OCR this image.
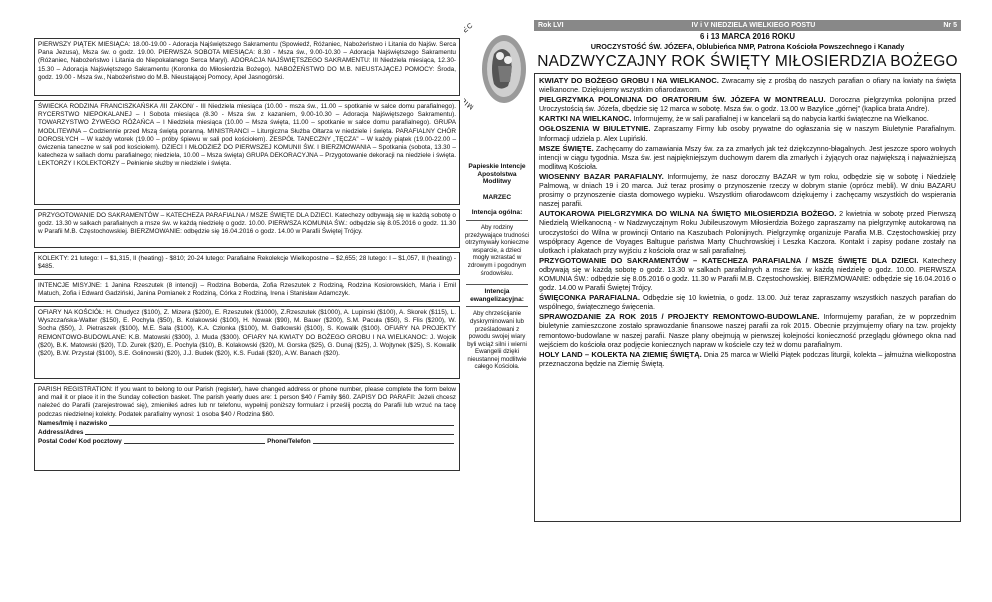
PIERWSZY PIĄTEK MIESIĄCA: 18.00-19.00 - Adoracja Najświętszego Sakramentu (Spowiedź, Różaniec, Nabożeństwo i Litania do Najśw. Serca Pana Jezusa), Msza św. o godz. 19.00. PIERWSZA SOBOTA MIESIĄCA: 8.30 - Msza św., 9.00-10.30 – Adoracja Najświętszego Sakramentu (Różaniec, Nabożeństwo i Litania do Niepokalanego Serca Maryi). ADORACJA NAJŚWIĘTSZEGO SAKRAMENTU: III Niedziela miesiąca, 12.30-15.30 – Adoracja Najświętszego Sakramentu (Koronka do Miłosierdzia Bożego). NABOŻEŃSTWO DO M.B. NIEUSTAJĄCEJ POMOCY: Środa, godz. 19.00 - Msza św., Nabożeństwo do M.B. Nieustającej Pomocy, Apel Jasnogórski.
ŚWIECKA RODZINA FRANCISZKAŃSKA /III ZAKON/ - III Niedziela miesiąca (10.00 - msza św., 11.00 – spotkanie w salce domu parafialnego). RYCERSTWO NIEPOKALANEJ – I Sobota miesiąca (8.30 - Msza św. z kazaniem, 9.00-10.30 – Adoracja Najświętszego Sakramentu). TOWARZYSTWO ŻYWEGO RÓŻAŃCA – I Niedziela miesiąca (10.00 – Msza święta, 11.00 – spotkanie w salce domu parafialnego). GRUPA MODLITEWNA – Codziennie przed Mszą świętą poranną. MINISTRANCI – Liturgiczna Służba Ołtarza w niedziele i święta. PARAFIALNY CHÓR DOROSŁYCH – W każdy wtorek (19.00 – próby śpiewu w sali pod kościołem). ZESPÓŁ TANECZNY „TĘCZA” – W każdy piątek (19.00-22.00 – ćwiczenia taneczne w sali pod kościołem). DZIECI I MŁODZIEŻ DO PIERWSZEJ KOMUNII ŚW. I BIERZMOWANIA – Spotkania (sobota, 13.30 – katecheza w sallach domu parafialnego; niedziela, 10.00 – Msza święta) GRUPA DEKORACYJNA – Przygotowanie dekoracji na niedziele i święta. LEKTORZY I KOLEKTORZY – Pełnienie służby w niedziele i święta.
PRZYGOTOWANIE DO SAKRAMENTÓW – KATECHEZA PARAFIALNA / MSZE ŚWIĘTE DLA DZIECI. Katechezy odbywają się w każdą sobotę o godz. 13.30 w salkach parafialnych a msze św. w każdą niedzielę o godz. 10.00. PIERWSZA KOMUNIA ŚW.: odbędzie się 8.05.2016 o godz. 11.30 w Parafii M.B. Częstochowskiej. BIERZMOWANIE: odbędzie się 16.04.2016 o godz. 14.00 w Parafii Świętej Trójcy.
KOLEKTY: 21 lutego: I – $1,315, II (heating) - $810; 20-24 lutego: Parafialne Rekolekcje Wielkopostne – $2,655; 28 lutego: I – $1,057, II (heating) - $485.
INTENCJE MISYJNE: 1 Janina Rzeszutek (8 intencji) – Rodzina Boberda, Zofia Rzeszutek z Rodziną, Rodzina Kosiorowskich, Maria i Emil Matuch, Zofia i Edward Gadziński, Janina Pomianek z Rodziną, Córka z Rodziną, Irena i Stanisław Adamczyk.
OFIARY NA KOŚCIÓŁ: H. Chudycz ($100), Z. Mizera ($200), E. Rzeszutek ($1000), Z.Rzeszutek ($1000), A. Lupinski ($100), A. Skorek ($115), L. Wyszczańska-Walter ($150), E. Pochyla ($50), B. Kolakowski ($100), H. Nowak ($90), M. Bauer ($200), S.M. Pacuła ($50), S. Flis ($200), W. Socha ($50), J. Pietraszek ($100), M.E. Sala ($100), K.A. Członka ($100), M. Gatkowski ($100), S. Kowalik ($100). OFIARY NA PROJEKTY REMONTOWO-BUDOWLANE: K.B. Matowski ($300), J. Muda ($300). OFIARY NA KWIATY DO BOŻEGO GROBU I NA WIELKANOC: J. Wojcik ($20), B.K. Matowski ($20), T.D. Zurek ($20), E. Pochyla ($10), B. Kolakowski ($20), M. Gorska ($25), G. Dunaj ($25), J. Wojtynek ($25), S. Kowalik ($20), B.W. Przystał ($100), S.E. Golinowski ($20), J.J. Budek ($20), K.S. Fudali ($20), A.W. Banach ($20).
PARISH REGISTRATION: If you want to belong to our Parish (register), have changed address or phone number, please complete the form below and mail it or place it in the Sunday collection basket. The parish yearly dues are: 1 person $40 / Family $60. ZAPISY DO PARAFII: Jeżeli chcesz należeć do Parafii (zarejestrować się), zmieniłeś adres lub nr telefonu, wypełnij poniższy formularz i prześlij pocztą do Parafii lub wrzuć na tacę podczas niedzielnej kolekty. Podatek parafialny wynosi: 1 osoba $40 / Rodzina $60.
Names/Imię i nazwisko
Address/Adres
Postal Code/ Kod pocztowy	Phone/Telefon
MI C
Papieskie Intencje Apostolstwa Modlitwy
MARZEC
Intencja ogólna:
Aby rodziny przeżywające trudności otrzymywały konieczne wsparcie, a dzieci mogły wzrastać w zdrowym i pogodnym środowisku.
Intencja ewangelizacyjna:
Aby chrześcijanie dyskryminowani lub prześladowani z powodu swojej wiary byli wciąż silni i wierni Ewangelii dzięki nieustannej modlitwie całego Kościoła.
Rok LVI	IV i V NIEDZIELA WIELKIEGO POSTU	Nr 5
6 i 13 MARCA 2016 ROKU
UROCZYSTOŚĆ ŚW. JÓZEFA, Oblubieńca NMP, Patrona Kościoła Powszechnego i Kanady
NADZWYCZAJNY ROK ŚWIĘTY MIŁOSIERDZIA BOŻEGO

KWIATY DO BOŻEGO GROBU I NA WIELKANOC. Zwracamy się z prośbą do naszych parafian o ofiary na kwiaty na święta wielkanocne. Dziękujemy wszystkim ofiarodawcom.

PIELGRZYMKA POLONIJNA DO ORATORIUM ŚW. JÓZEFA W MONTREALU. Doroczna pielgrzymka polonijna przed Uroczystością św. Józefa, dbędzie się 12 marca w sobotę. Msza św. o godz. 13.00 w Bazylice „górnej” (kaplica brata Andre).

KARTKI NA WIELKANOC. Informujemy, że w sali parafialnej i w kancelarii są do nabycia kartki świąteczne na Wielkanoc.

OGŁOSZENIA W BIULETYNIE. Zapraszamy Firmy lub osoby prywatne do ogłaszania się w naszym Biuletynie Parafialnym. Informacji udziela p. Alex Lupiński.

MSZE ŚWIĘTE. Zachęcamy do zamawiania Mszy św. za za zmarłych jak też dziękczynno-błagalnych. Jest jeszcze sporo wolnych intencji w ciągu tygodnia. Msza św. jest najpiękniejszym duchowym darem dla zmarłych i żyjących oraz największą i najważniejszą modlitwą Kościoła.

WIOSENNY BAZAR PARAFIALNY. Informujemy, że nasz doroczny BAZAR w tym roku, odbędzie się w sobotę i Niedzielę Palmową, w dniach 19 i 20 marca. Już teraz prosimy o przynoszenie rzeczy w dobrym stanie (oprócz mebli). W dniu BAZARU prosimy o przynoszenie ciasta domowego wypieku. Wszystkim ofiarodawcom dziękujemy i zachęcamy wszystkich do wspierania naszej parafii.

AUTOKAROWA PIELGRZYMKA DO WILNA NA ŚWIĘTO MIŁOSIERDZIA BOŻEGO. 2 kwietnia w sobotę przed Pierwszą Niedzielą Wielkanocną - w Nadzwyczajnym Roku Jubileuszowym Miłosierdzia Bożego zapraszamy na pielgrzymkę autokarową na uroczystości do Wilna w prowincji Ontario na Kaszubach Polonijnych. Pielgrzymkę organizuje Parafia M.B. Częstochowskiej przy współpracy Agence de Voyages Baltugue państwa Marty Chuchrowskiej i Leszka Kaczora. Kontakt i zapisy podane zostały na ulotkach i plakatach przy wyjściu z kościoła oraz w sali parafialnej.

PRZYGOTOWANIE DO SAKRAMENTÓW – KATECHEZA PARAFIALNA / MSZE ŚWIĘTE DLA DZIECI. Katechezy odbywają się w każdą sobotę o godz. 13.30 w salkach parafialnych a msze św. w każdą niedzielę o godz. 10.00. PIERWSZA KOMUNIA ŚW.: odbędzie się 8.05.2016 o godz. 11.30 w Parafii M.B. Częstochowskiej. BIERZMOWANIE: odbędzie się 16.04.2016 o godz. 14.00 w Parafii Świętej Trójcy.

ŚWIĘCONKA PARAFIALNA. Odbędzie się 10 kwietnia, o godz. 13.00. Już teraz zapraszamy wszystkich naszych parafian do wspólnego, świątecznego święcenia.

SPRAWOZDANIE ZA ROK 2015 / PROJEKTY REMONTOWO-BUDOWLANE. Informujemy parafian, że w poprzednim biuletynie zamieszczone zostało sprawozdanie finansowe naszej parafii za rok 2015. Obecnie przyjmujemy ofiary na tzw. projekty remontowo-budowlane w naszej parafii. Nasze plany obejmują w pierwszej kolejności konieczność przeglądu głównego okna nad wejściem do kościoła oraz podjęcie koniecznych napraw w kościele czy też w domu parafialnym.

HOLY LAND – KOLEKTA NA ZIEMIĘ ŚWIĘTĄ. Dnia 25 marca w Wielki Piątek podczas liturgii, kolekta – jałmużna wielkopostna przeznaczona będzie na Ziemię Świętą.
